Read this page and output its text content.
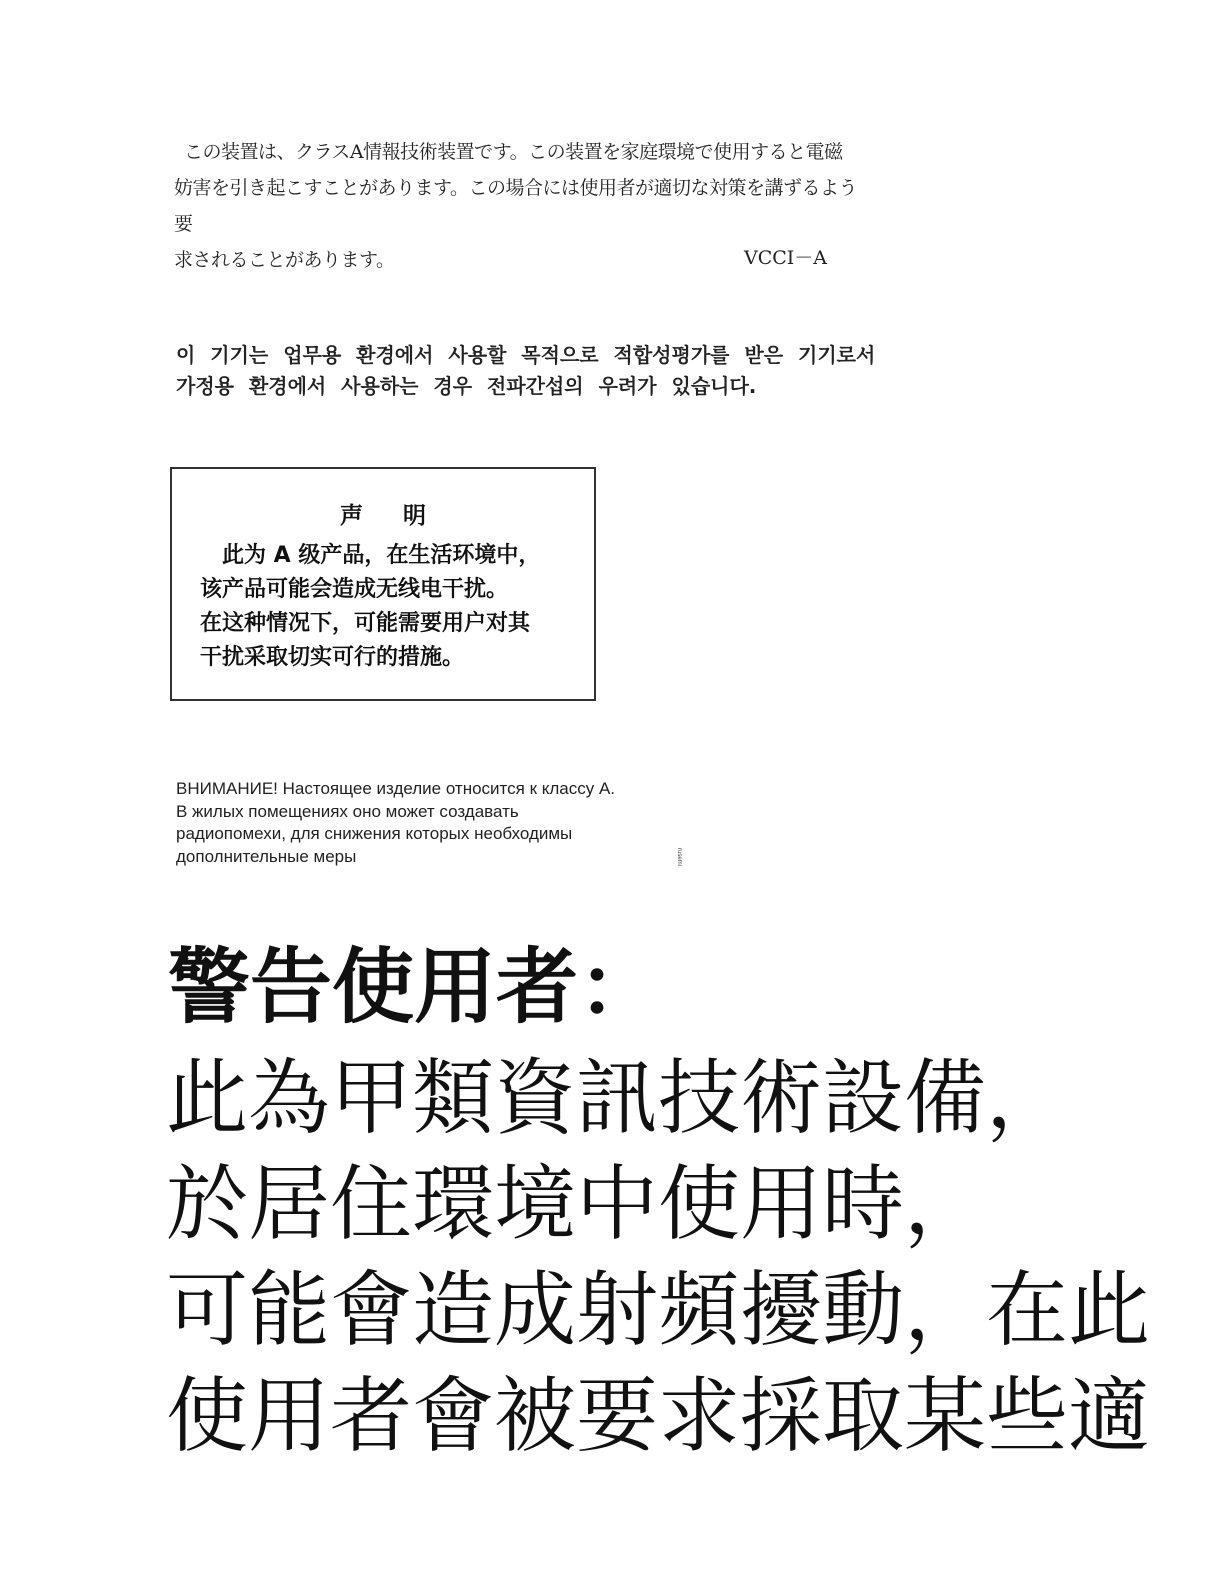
この装置は、クラスA情報技術装置です。この装置を家庭環境で使用すると電磁

妨害を引き起こすことがあります。この場合には使用者が適切な対策を講ずるよう要

求されることがあります。	VCCI－A
이 기기는 업무용 환경에서 사용할 목적으로 적합성평가를 받은 기기로서
가정용 환경에서 사용하는 경우 전파간섭의 우려가 있습니다.
声明
此为 A 级产品，在生活环境中，
该产品可能会造成无线电干扰。
在这种情况下，可能需要用户对其
干扰采取切实可行的措施。
ВНИМАНИЕ! Настоящее изделие относится к классу А.
В жилых помещениях оно может создавать
радиопомехи, для снижения которых необходимы
дополнительные меры	rusemi
警告使用者：
此為甲類資訊技術設備，
於居住環境中使用時，
可能會造成射頻擾動，在此
使用者會被要求採取某些適
